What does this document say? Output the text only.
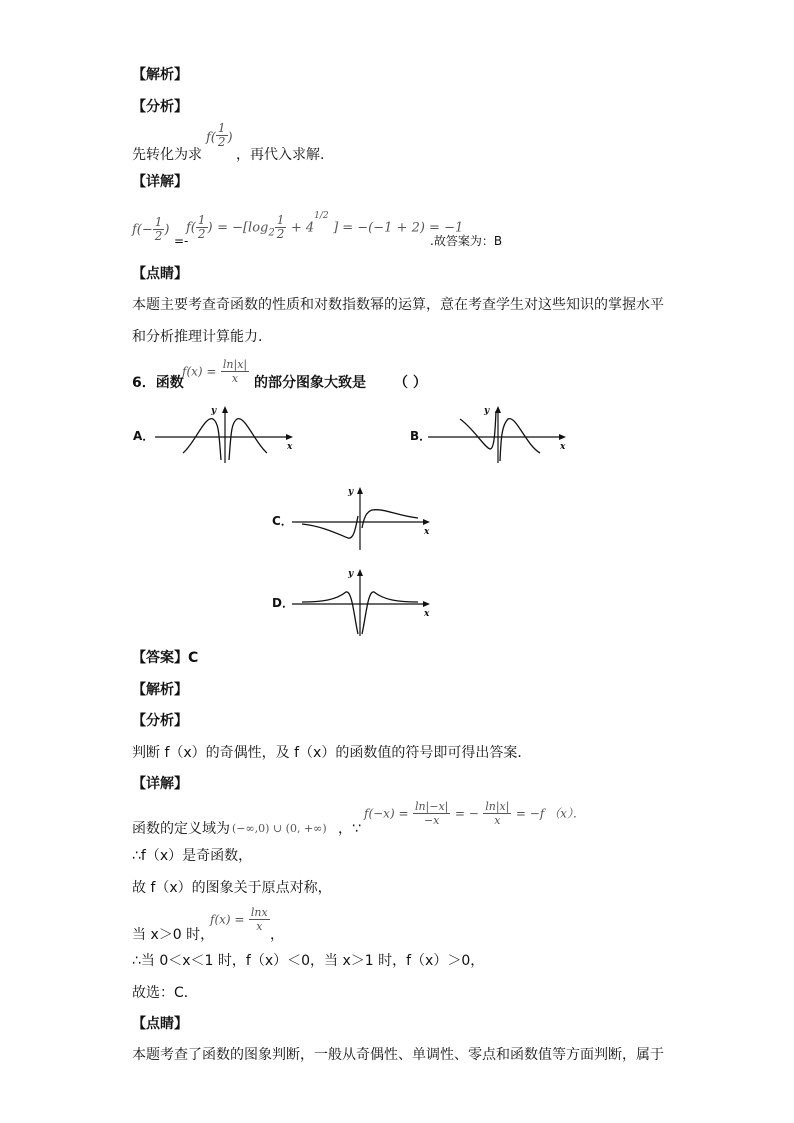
【解析】
【分析】
先转化为求
$f( \frac{1}{2}$ )
，再代入求解.
【详解】
$f(- \frac{1}{2}$ )
=-
$f( \frac{1}{2}$ ) = $-[\log_2 \frac{1}{2} + 4^{1/2}$ ] = −(−1 + 2) = −1
.故答案为：B
【点睛】
本题主要考查奇函数的性质和对数指数幂的运算，意在考查学生对这些知识的掌握水平
和分析推理计算能力.
6．函数
$f(x) = \frac{\ln|x|}{x}$ 的部分图象大致是 （ ）
A．
y
x
B．
y
x
C．
y
x
D．
y
x
【答案】C
【解析】
【分析】
判断 f（x）的奇偶性，及 f（x）的函数值的符号即可得出答案．
【详解】
函数的定义域为 (−∞,0) ∪ (0, +∞) ，∵
$f(-x) = \frac{\ln|-x|}{-x}$ = − $\frac{\ln|x|}{x} = -f$ （x）．
∴f（x）是奇函数，
故 f（x）的图象关于原点对称，
当 x＞0 时，
$f(x) = \frac{\ln x}{x}$
，
∴当 0＜x＜1 时，f（x）＜0，当 x＞1 时，f（x）＞0，
故选：C．
【点睛】
本题考查了函数的图象判断，一般从奇偶性、单调性、零点和函数值等方面判断，属于
